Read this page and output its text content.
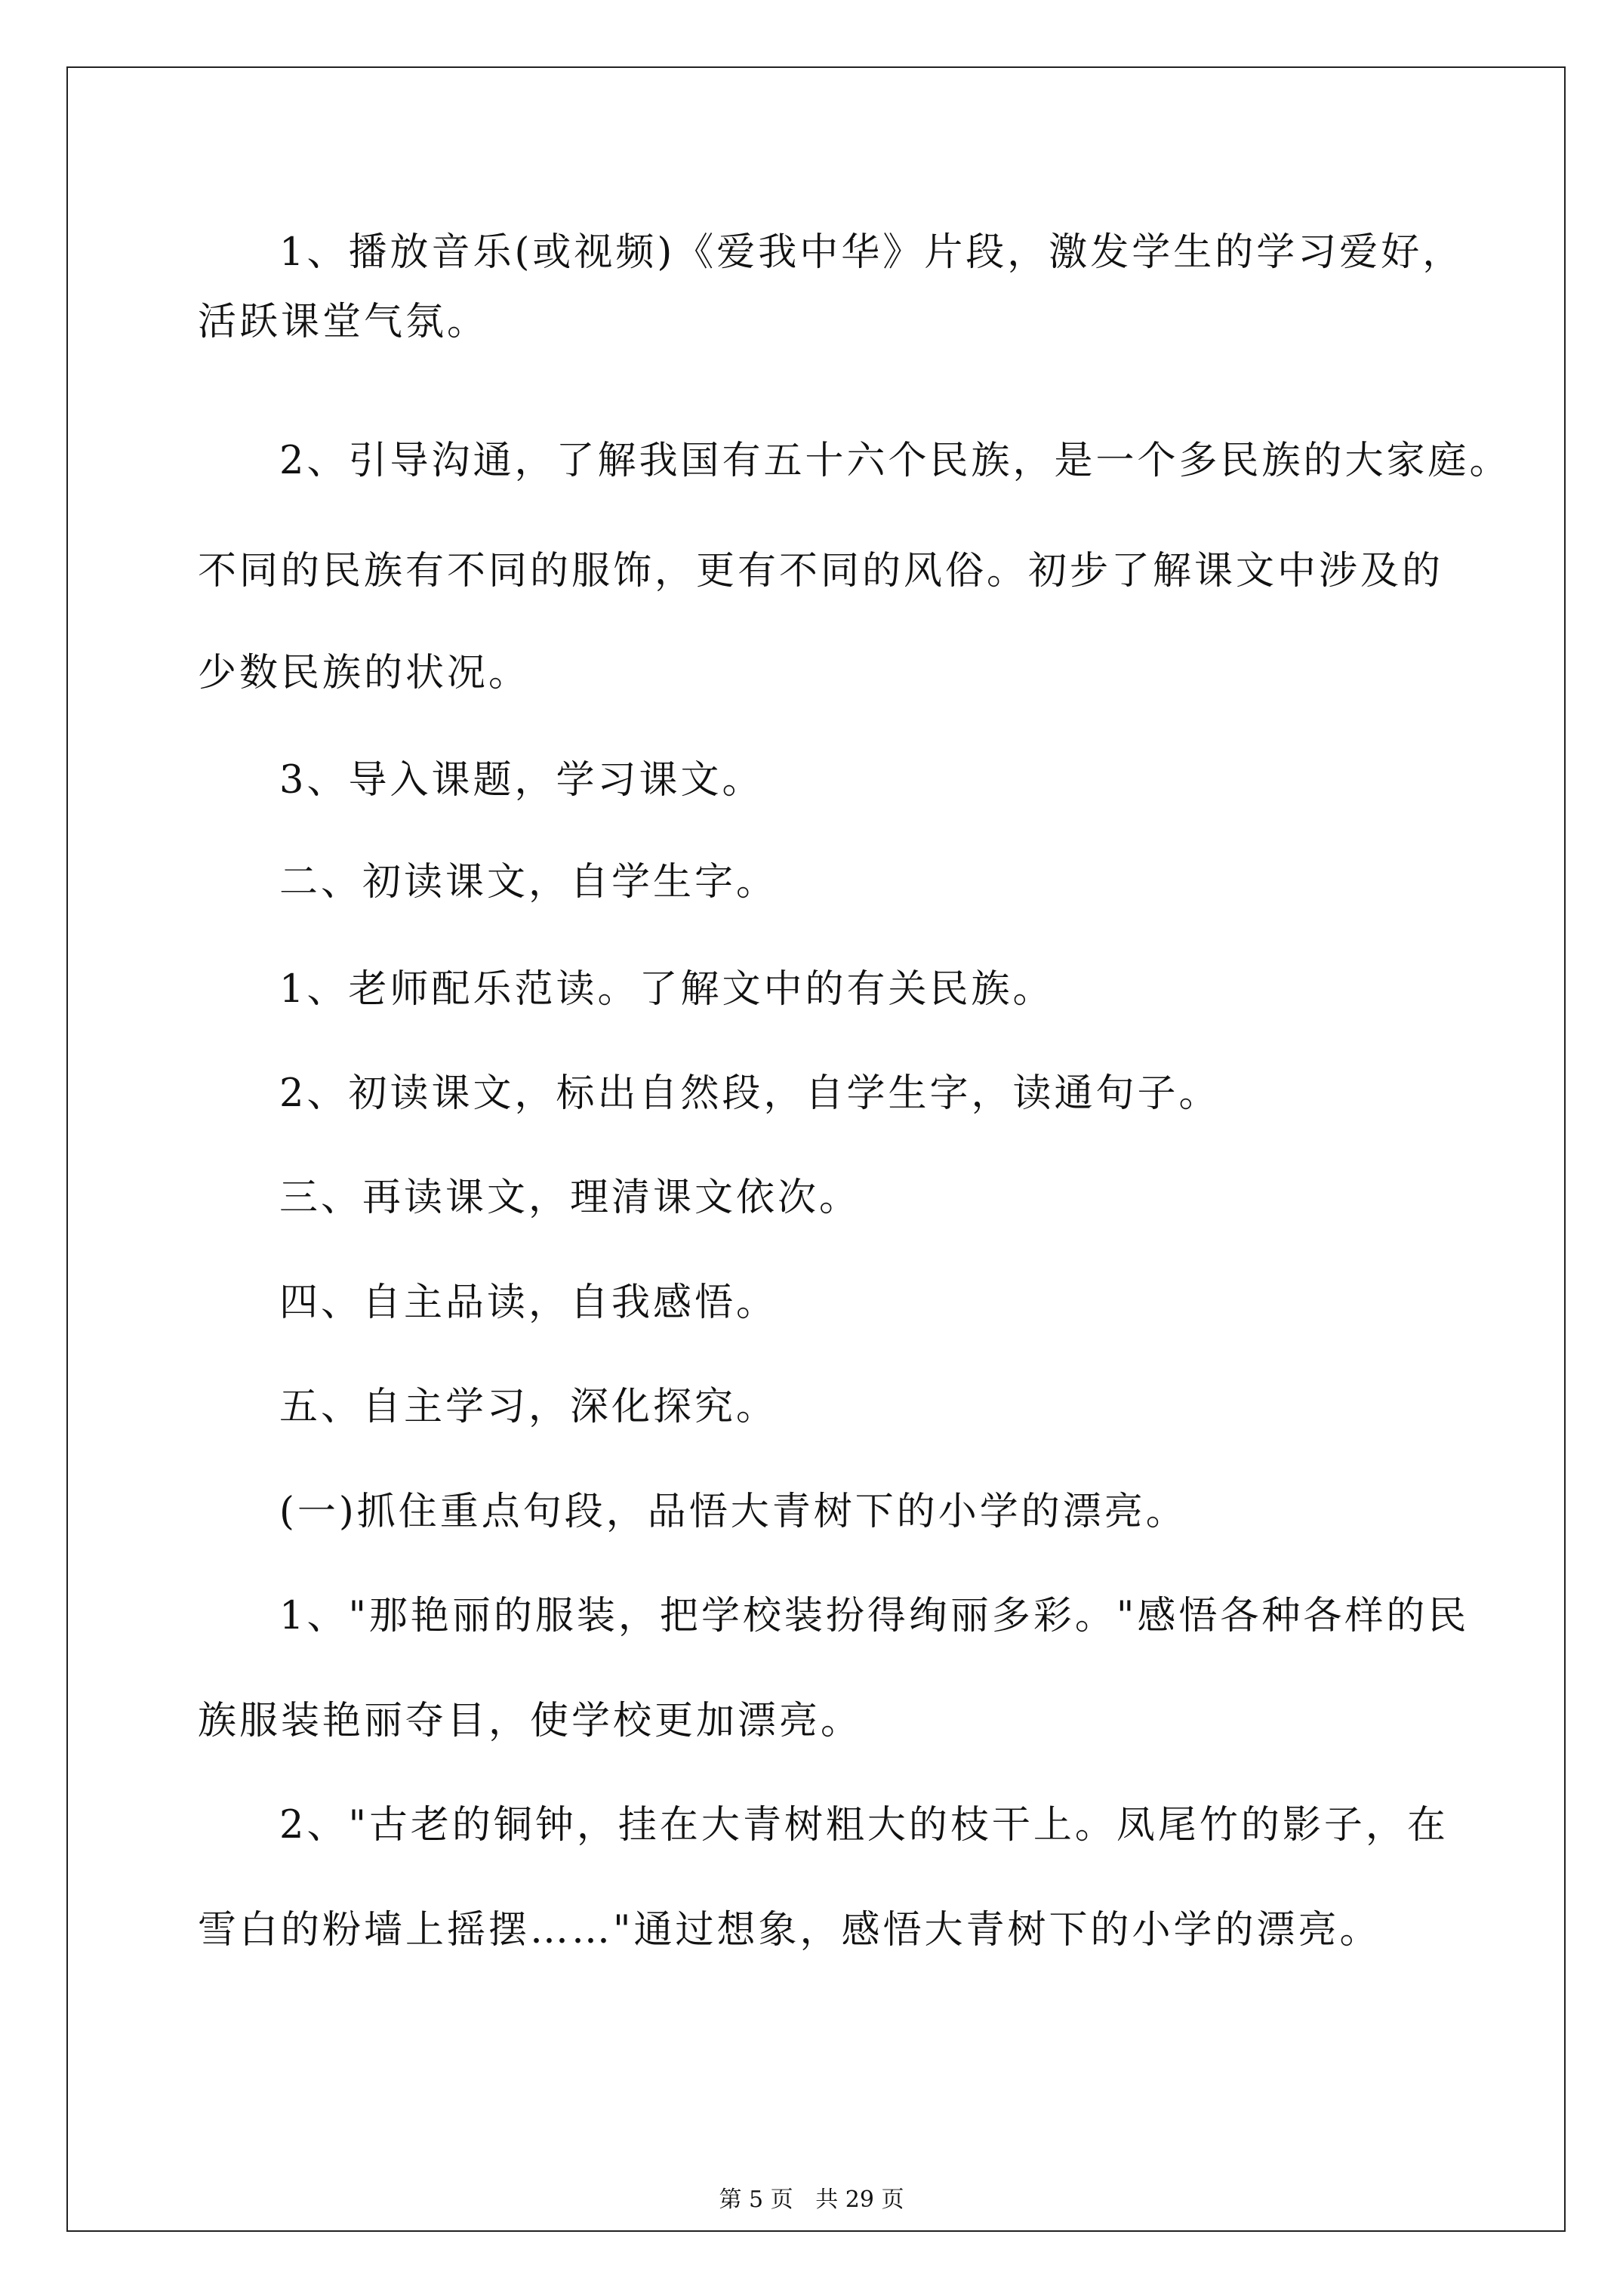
1、播放音乐(或视频)《爱我中华》片段，激发学生的学习爱好，
活跃课堂气氛。
2、引导沟通，了解我国有五十六个民族，是一个多民族的大家庭。
不同的民族有不同的服饰，更有不同的风俗。初步了解课文中涉及的
少数民族的状况。
3、导入课题，学习课文。
二、初读课文，自学生字。
1、老师配乐范读。了解文中的有关民族。
2、初读课文，标出自然段，自学生字，读通句子。
三、再读课文，理清课文依次。
四、自主品读，自我感悟。
五、自主学习，深化探究。
(一)抓住重点句段，品悟大青树下的小学的漂亮。
1、"那艳丽的服装，把学校装扮得绚丽多彩。"感悟各种各样的民
族服装艳丽夺目，使学校更加漂亮。
2、"古老的铜钟，挂在大青树粗大的枝干上。凤尾竹的影子，在
雪白的粉墙上摇摆……"通过想象，感悟大青树下的小学的漂亮。
第 5 页 共 29 页
